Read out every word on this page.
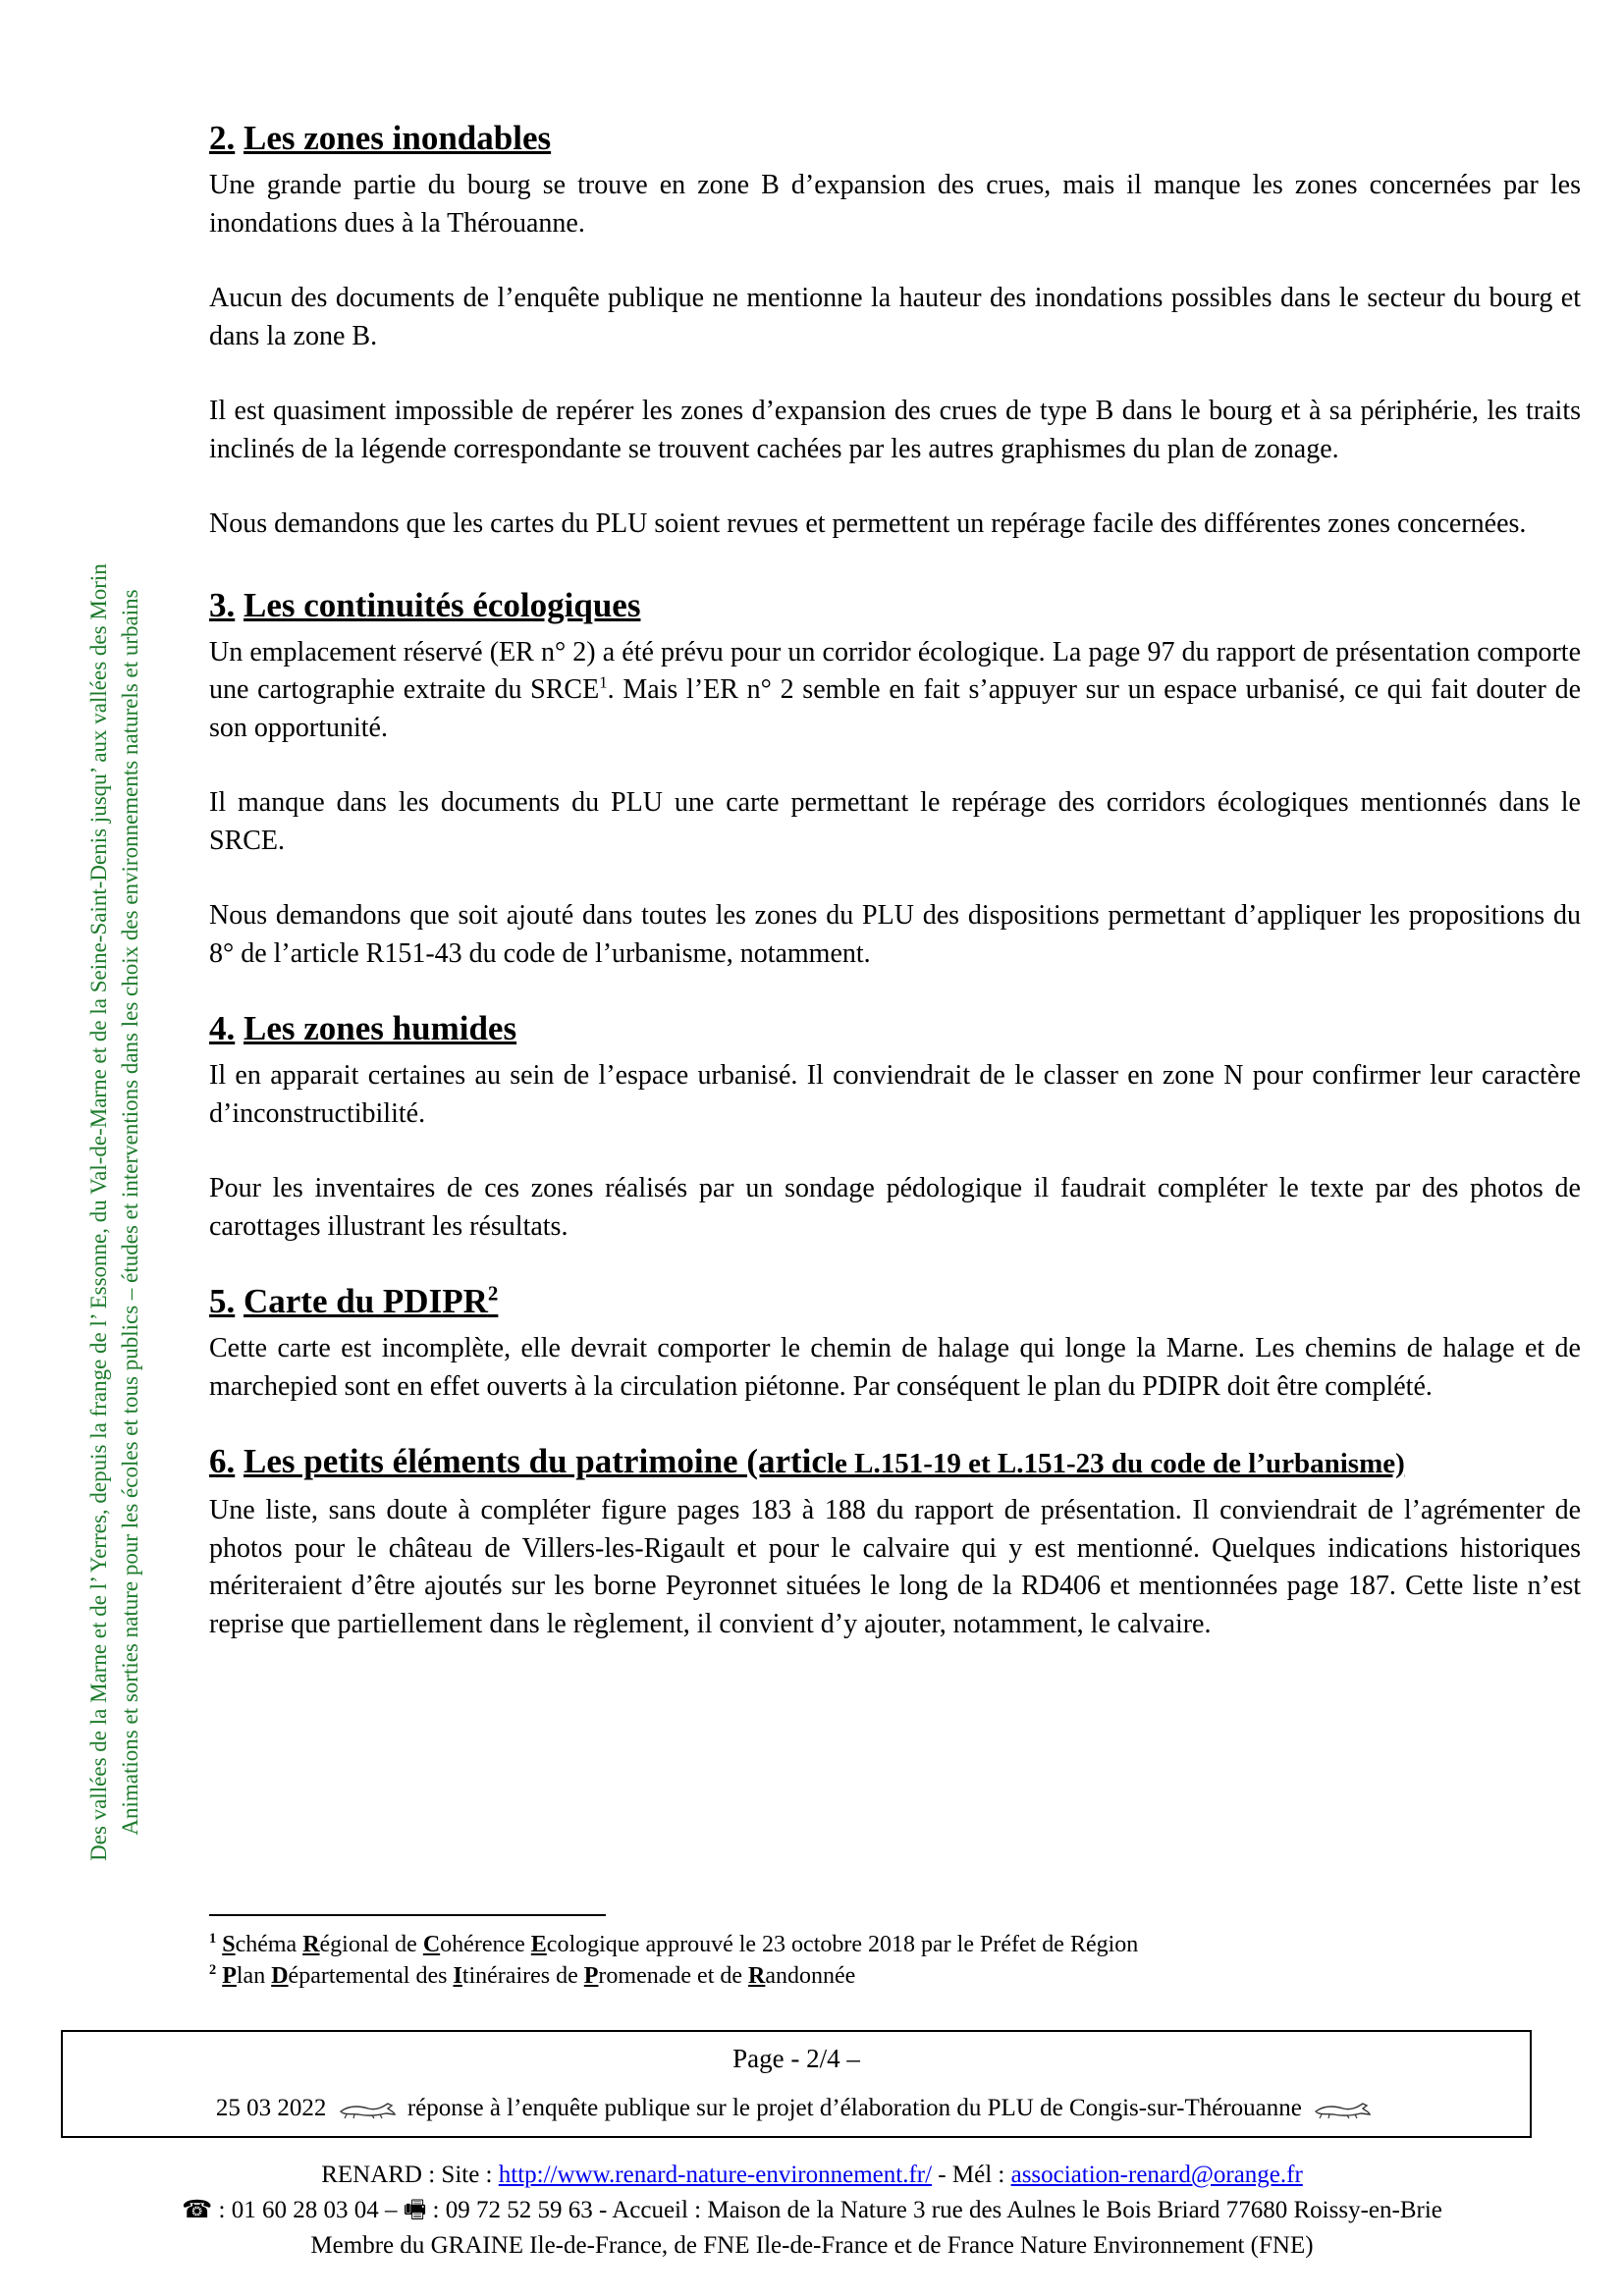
Des vallées de la Marne et de l’ Yerres, depuis la frange de l’ Essonne, du Val-de-Marne et de la Seine-Saint-Denis jusqu’ aux vallées des Morin Animations et sorties nature pour les écoles et tous publics – études et interventions dans les choix des environnements naturels et urbains
2. Les zones inondables

Une grande partie du bourg se trouve en zone B d’expansion des crues, mais il manque les zones concernées par les inondations dues à la Thérouanne.

Aucun des documents de l’enquête publique ne mentionne la hauteur des inondations possibles dans le secteur du bourg et dans la zone B.

Il est quasiment impossible de repérer les zones d’expansion des crues de type B dans le bourg et à sa périphérie, les traits inclinés de la légende correspondante se trouvent cachées par les autres graphismes du plan de zonage.

Nous demandons que les cartes du PLU soient revues et permettent un repérage facile des différentes zones concernées.

3. Les continuités écologiques

Un emplacement réservé (ER n° 2) a été prévu pour un corridor écologique. La page 97 du rapport de présentation comporte une cartographie extraite du SRCE$^1$. Mais l’ER n° 2 semble en fait s’appuyer sur un espace urbanisé, ce qui fait douter de son opportunité.

Il manque dans les documents du PLU une carte permettant le repérage des corridors écologiques mentionnés dans le SRCE.

Nous demandons que soit ajouté dans toutes les zones du PLU des dispositions permettant d’appliquer les propositions du 8° de l’article R151-43 du code de l’urbanisme, notamment.

4. Les zones humides

Il en apparait certaines au sein de l’espace urbanisé. Il conviendrait de le classer en zone N pour confirmer leur caractère d’inconstructibilité.

Pour les inventaires de ces zones réalisés par un sondage pédologique il faudrait compléter le texte par des photos de carottages illustrant les résultats.

5. Carte du PDIPR$^2$

Cette carte est incomplète, elle devrait comporter le chemin de halage qui longe la Marne. Les chemins de halage et de marchepied sont en effet ouverts à la circulation piétonne. Par conséquent le plan du PDIPR doit être complété.

6. Les petits éléments du patrimoine (article L.151-19 et L.151-23 du code de l’urbanisme)

Une liste, sans doute à compléter figure pages 183 à 188 du rapport de présentation. Il conviendrait de l’agrémenter de photos pour le château de Villers-les-Rigault et pour le calvaire qui y est mentionné. Quelques indications historiques mériteraient d’être ajoutés sur les borne Peyronnet situées le long de la RD406 et mentionnées page 187. Cette liste n’est reprise que partiellement dans le règlement, il convient d’y ajouter, notamment, le calvaire.

$^1$ Schéma Régional de Cohérence Ecologique approuvé le 23 octobre 2018 par le Préfet de Région
$^2$ Plan Départemental des Itinéraires de Promenade et de Randonnée
Page - 2/4 –
25 03 2022	réponse à l’enquête publique sur le projet d’élaboration du PLU de Congis-sur-Thérouanne
RENARD : Site : http://www.renard-nature-environnement.fr/ - Mél : association-renard@orange.fr
☎ : 01 60 28 03 04 – 🖷 : 09 72 52 59 63 - Accueil : Maison de la Nature 3 rue des Aulnes le Bois Briard 77680 Roissy-en-Brie
Membre du GRAINE Ile-de-France, de FNE Ile-de-France et de France Nature Environnement (FNE)
